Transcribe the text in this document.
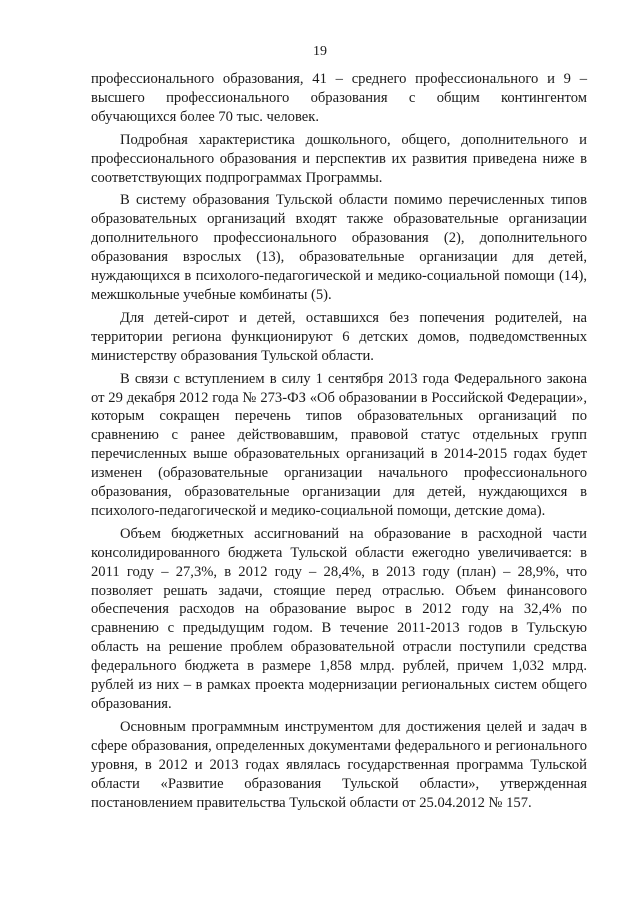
19

профессионального образования, 41 – среднего профессионального и 9 – высшего профессионального образования с общим контингентом обучающихся более 70 тыс. человек.

Подробная характеристика дошкольного, общего, дополнительного и профессионального образования и перспектив их развития приведена ниже в соответствующих подпрограммах Программы.

В систему образования Тульской области помимо перечисленных типов образовательных организаций входят также образовательные организации дополнительного профессионального образования (2), дополнительного образования взрослых (13), образовательные организации для детей, нуждающихся в психолого-педагогической и медико-социальной помощи (14), межшкольные учебные комбинаты (5).

Для детей-сирот и детей, оставшихся без попечения родителей, на территории региона функционируют 6 детских домов, подведомственных министерству образования Тульской области.

В связи с вступлением в силу 1 сентября 2013 года Федерального закона от 29 декабря 2012 года № 273-ФЗ «Об образовании в Российской Федерации», которым сокращен перечень типов образовательных организаций по сравнению с ранее действовавшим, правовой статус отдельных групп перечисленных выше образовательных организаций в 2014-2015 годах будет изменен (образовательные организации начального профессионального образования, образовательные организации для детей, нуждающихся в психолого-педагогической и медико-социальной помощи, детские дома).

Объем бюджетных ассигнований на образование в расходной части консолидированного бюджета Тульской области ежегодно увеличивается: в 2011 году – 27,3%, в 2012 году – 28,4%, в 2013 году (план) – 28,9%, что позволяет решать задачи, стоящие перед отраслью. Объем финансового обеспечения расходов на образование вырос в 2012 году на 32,4% по сравнению с предыдущим годом. В течение 2011-2013 годов в Тульскую область на решение проблем образовательной отрасли поступили средства федерального бюджета в размере 1,858 млрд. рублей, причем 1,032 млрд. рублей из них – в рамках проекта модернизации региональных систем общего образования.

Основным программным инструментом для достижения целей и задач в сфере образования, определенных документами федерального и регионального уровня, в 2012 и 2013 годах являлась государственная программа Тульской области «Развитие образования Тульской области», утвержденная постановлением правительства Тульской области от 25.04.2012 № 157.
